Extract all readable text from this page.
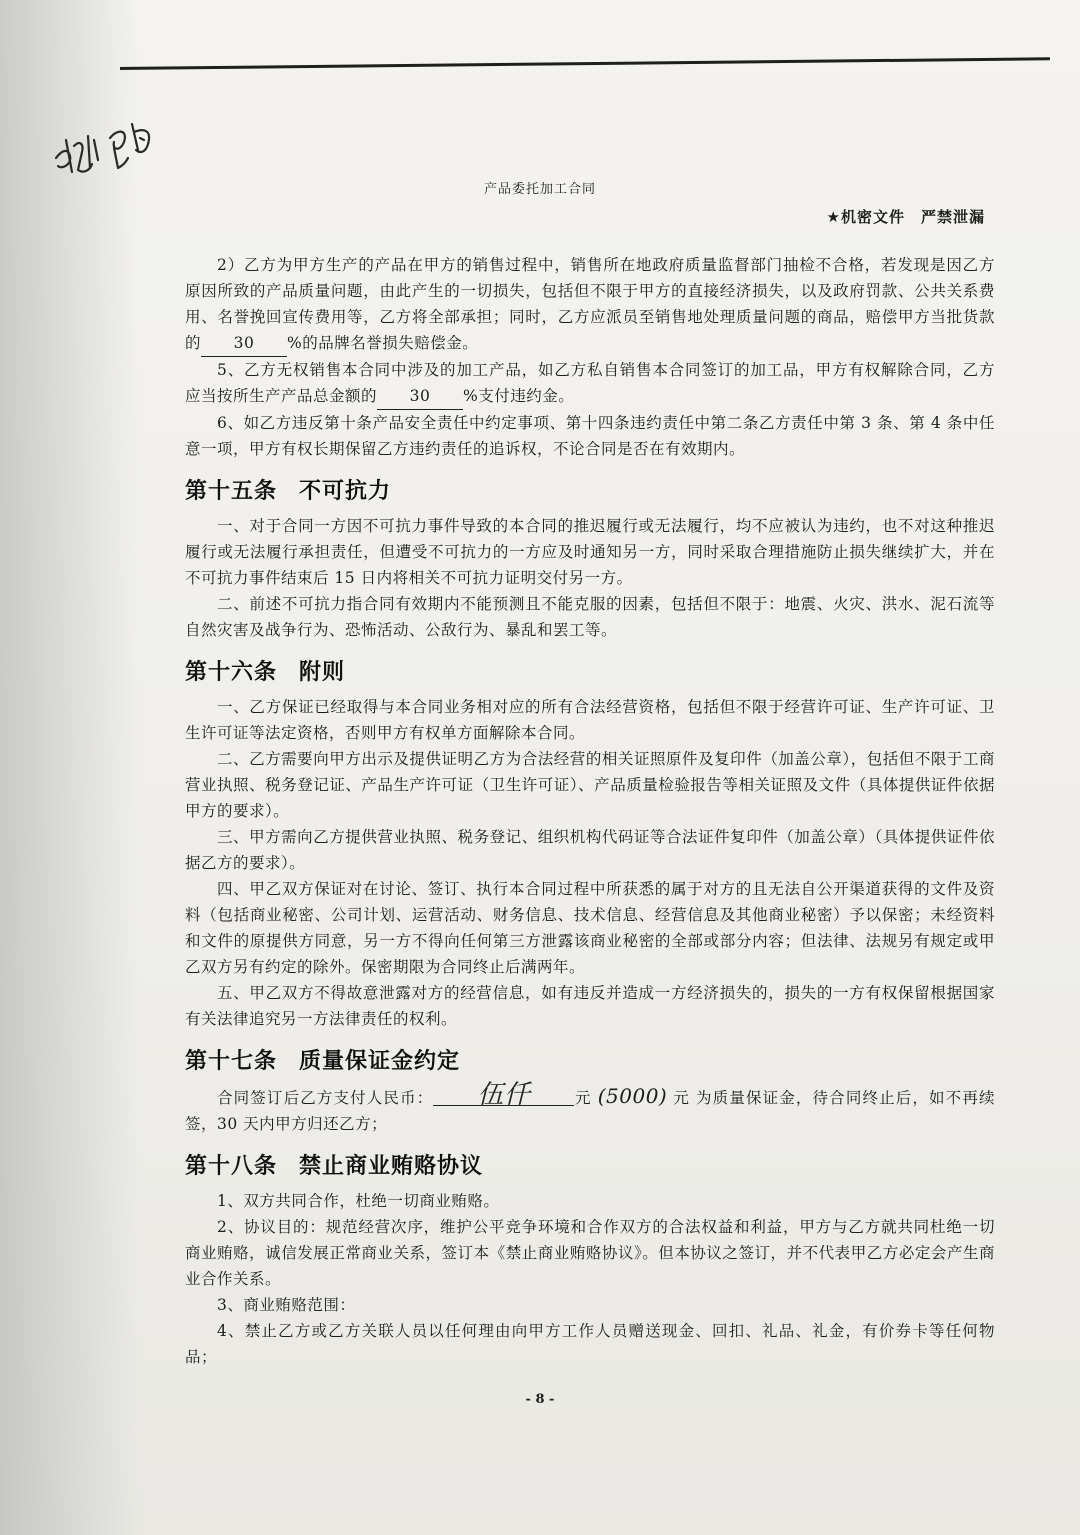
产品委托加工合同
★机密文件　严禁泄漏

2）乙方为甲方生产的产品在甲方的销售过程中，销售所在地政府质量监督部门抽检不合格，若发现是因乙方原因所致的产品质量问题，由此产生的一切损失，包括但不限于甲方的直接经济损失，以及政府罚款、公共关系费用、名誉挽回宣传费用等，乙方将全部承担；同时，乙方应派员至销售地处理质量问题的商品，赔偿甲方当批货款的 30 %的品牌名誉损失赔偿金。

5、乙方无权销售本合同中涉及的加工产品，如乙方私自销售本合同签订的加工品，甲方有权解除合同，乙方应当按所生产产品总金额的 30 %支付违约金。

6、如乙方违反第十条产品安全责任中约定事项、第十四条违约责任中第二条乙方责任中第 3 条、第 4 条中任意一项，甲方有权长期保留乙方违约责任的追诉权，不论合同是否在有效期内。

第十五条 不可抗力

一、对于合同一方因不可抗力事件导致的本合同的推迟履行或无法履行，均不应被认为违约，也不对这种推迟履行或无法履行承担责任，但遭受不可抗力的一方应及时通知另一方，同时采取合理措施防止损失继续扩大，并在不可抗力事件结束后 15 日内将相关不可抗力证明交付另一方。

二、前述不可抗力指合同有效期内不能预测且不能克服的因素，包括但不限于：地震、火灾、洪水、泥石流等自然灾害及战争行为、恐怖活动、公敌行为、暴乱和罢工等。

第十六条 附则

一、乙方保证已经取得与本合同业务相对应的所有合法经营资格，包括但不限于经营许可证、生产许可证、卫生许可证等法定资格，否则甲方有权单方面解除本合同。

二、乙方需要向甲方出示及提供证明乙方为合法经营的相关证照原件及复印件（加盖公章），包括但不限于工商营业执照、税务登记证、产品生产许可证（卫生许可证）、产品质量检验报告等相关证照及文件（具体提供证件依据甲方的要求）。

三、甲方需向乙方提供营业执照、税务登记、组织机构代码证等合法证件复印件（加盖公章）（具体提供证件依据乙方的要求）。

四、甲乙双方保证对在讨论、签订、执行本合同过程中所获悉的属于对方的且无法自公开渠道获得的文件及资料（包括商业秘密、公司计划、运营活动、财务信息、技术信息、经营信息及其他商业秘密）予以保密；未经资料和文件的原提供方同意，另一方不得向任何第三方泄露该商业秘密的全部或部分内容；但法律、法规另有规定或甲乙双方另有约定的除外。保密期限为合同终止后满两年。

五、甲乙双方不得故意泄露对方的经营信息，如有违反并造成一方经济损失的，损失的一方有权保留根据国家有关法律追究另一方法律责任的权利。

第十七条 质量保证金约定

合同签订后乙方支付人民币： 伍仟	元 (5000) 元 为质量保证金，待合同终止后，如不再续签，30 天内甲方归还乙方；

第十八条 禁止商业贿赂协议

1、双方共同合作，杜绝一切商业贿赂。

2、协议目的：规范经营次序，维护公平竞争环境和合作双方的合法权益和利益，甲方与乙方就共同杜绝一切商业贿赂，诚信发展正常商业关系，签订本《禁止商业贿赂协议》。但本协议之签订，并不代表甲乙方必定会产生商业合作关系。

3、商业贿赂范围：

4、禁止乙方或乙方关联人员以任何理由向甲方工作人员赠送现金、回扣、礼品、礼金，有价券卡等任何物品；

- 8 -
